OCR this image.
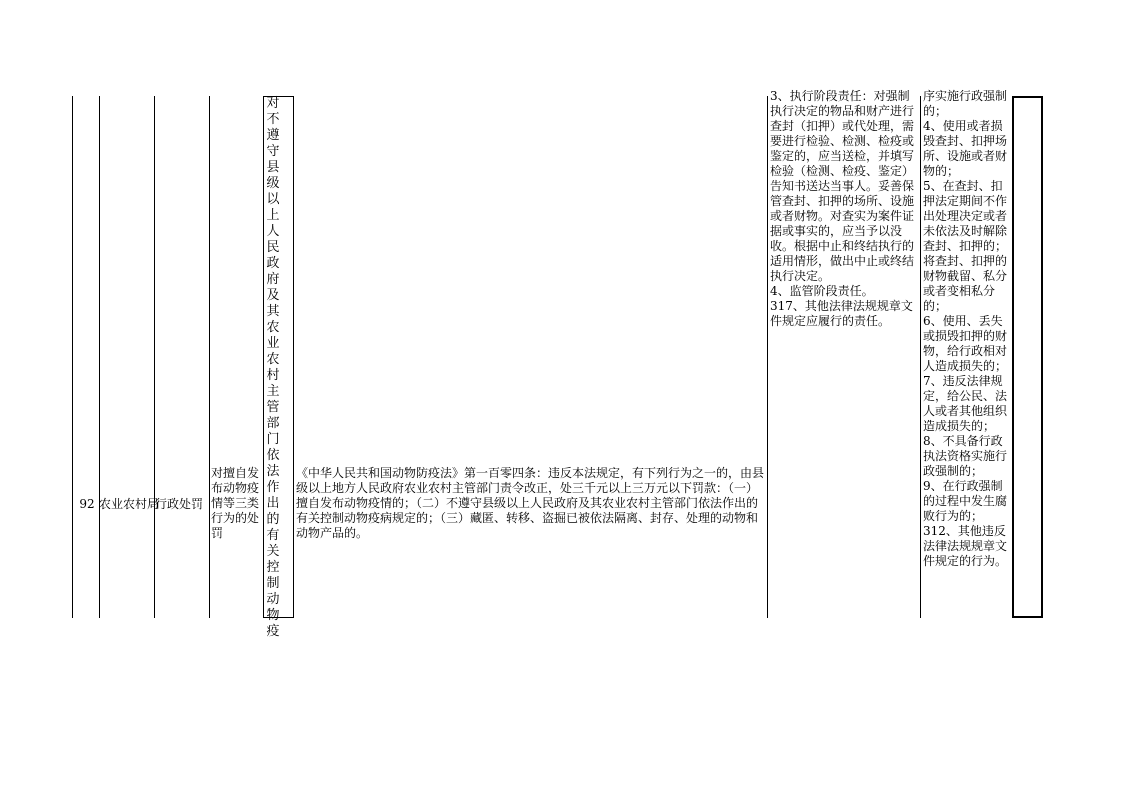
92 农业农村局
行政处罚
对擅自发布动物疫情等三类行为的处罚
对不遵守县级以上人民政府及其农业农村主管部门依法作出的有关控制动物疫
《中华人民共和国动物防疫法》第一百零四条：违反本法规定，有下列行为之一的，由县级以上地方人民政府农业农村主管部门责令改正，处三千元以上三万元以下罚款：（一）擅自发布动物疫情的；（二）不遵守县级以上人民政府及其农业农村主管部门依法作出的有关控制动物疫病规定的；（三）藏匿、转移、盗掘已被依法隔离、封存、处理的动物和动物产品的。
3、执行阶段责任：对强制执行决定的物品和财产进行查封（扣押）或代处理，需要进行检验、检测、检疫或鉴定的，应当送检，并填写检验（检测、检疫、鉴定）告知书送达当事人。妥善保管查封、扣押的场所、设施或者财物。对查实为案件证据或事实的，应当予以没收。根据中止和终结执行的适用情形，做出中止或终结执行决定。
4、监管阶段责任。
317、其他法律法规规章文件规定应履行的责任。
序实施行政强制的；
4、使用或者损毁查封、扣押场所、设施或者财物的；
5、在查封、扣押法定期间不作出处理决定或者未依法及时解除查封、扣押的；
将查封、扣押的财物截留、私分或者变相私分的；
6、使用、丢失或损毁扣押的财物，给行政相对人造成损失的；
7、违反法律规定，给公民、法人或者其他组织造成损失的；
8、不具备行政执法资格实施行政强制的；
9、在行政强制的过程中发生腐败行为的；
312、其他违反法律法规规章文件规定的行为。
